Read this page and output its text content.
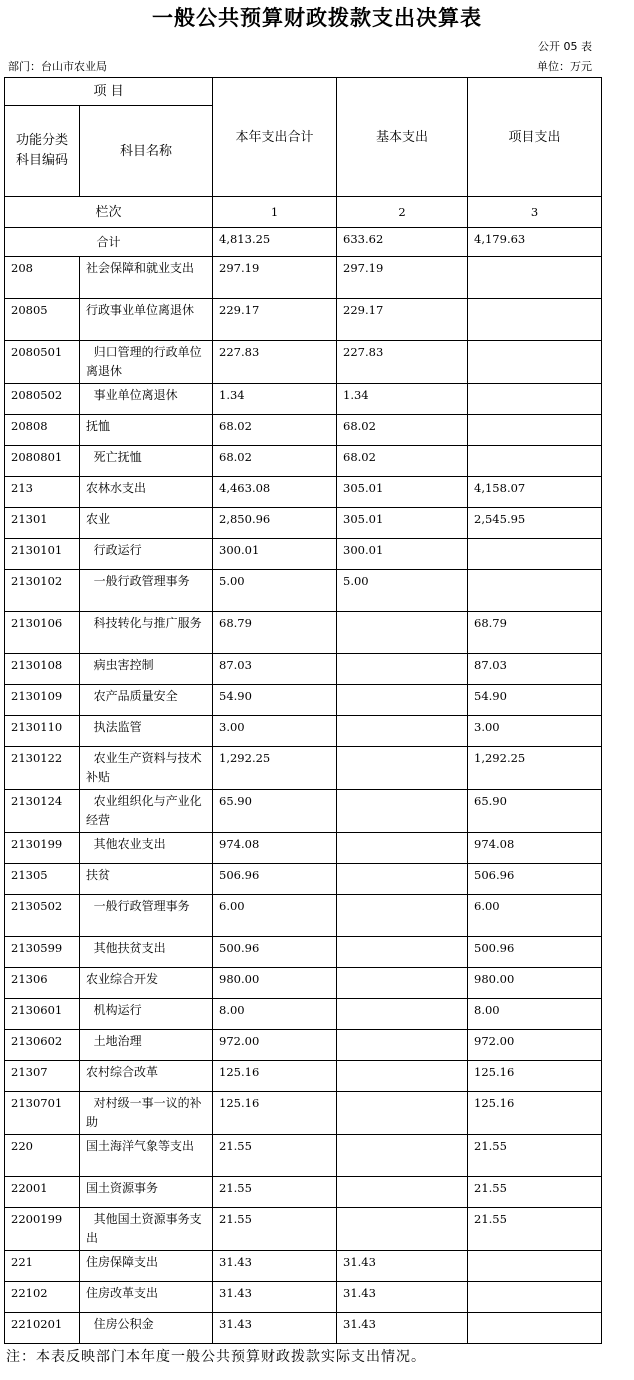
一般公共预算财政拨款支出决算表
公开 05 表
部门：台山市农业局	单位：万元
项 目		本年支出合计	基本支出	项目支出
功能分类科目编码	科目名称			
栏次		1	2	3
合计		4,813.25	633.62	4,179.63
208	社会保障和就业支出	297.19	297.19	
20805	行政事业单位离退休	229.17	229.17	
2080501	归口管理的行政单位离退休	227.83	227.83	
2080502	事业单位离退休	1.34	1.34	
20808	抚恤	68.02	68.02	
2080801	死亡抚恤	68.02	68.02	
213	农林水支出	4,463.08	305.01	4,158.07
21301	农业	2,850.96	305.01	2,545.95
2130101	行政运行	300.01	300.01	
2130102	一般行政管理事务	5.00	5.00	
2130106	科技转化与推广服务	68.79		68.79
2130108	病虫害控制	87.03		87.03
2130109	农产品质量安全	54.90		54.90
2130110	执法监管	3.00		3.00
2130122	农业生产资料与技术补贴	1,292.25		1,292.25
2130124	农业组织化与产业化经营	65.90		65.90
2130199	其他农业支出	974.08		974.08
21305	扶贫	506.96		506.96
2130502	一般行政管理事务	6.00		6.00
2130599	其他扶贫支出	500.96		500.96
21306	农业综合开发	980.00		980.00
2130601	机构运行	8.00		8.00
2130602	土地治理	972.00		972.00
21307	农村综合改革	125.16		125.16
2130701	对村级一事一议的补助	125.16		125.16
220	国土海洋气象等支出	21.55		21.55
22001	国土资源事务	21.55		21.55
2200199	其他国土资源事务支出	21.55		21.55
221	住房保障支出	31.43	31.43	
22102	住房改革支出	31.43	31.43	
2210201	住房公积金	31.43	31.43	
注：本表反映部门本年度一般公共预算财政拨款实际支出情况。
